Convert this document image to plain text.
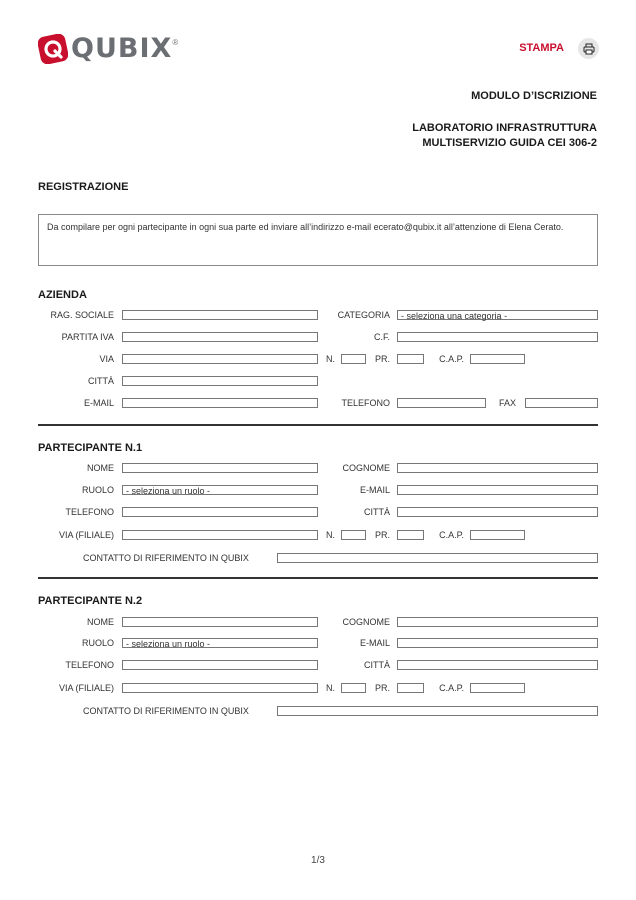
QUBIX ®	STAMPA
MODULO D’ISCRIZIONE
LABORATORIO INFRASTRUTTURA
MULTISERVIZIO GUIDA CEI 306-2
REGISTRAZIONE
Da compilare per ogni partecipante in ogni sua parte ed inviare all’indirizzo e-mail ecerato@qubix.it all’attenzione di Elena Cerato.
AZIENDA
RAG. SOCIALE	CATEGORIA	- seleziona una categoria -
PARTITA IVA	C.F.
VIA	N.	PR.	C.A.P.
CITTÀ
E-MAIL	TELEFONO	FAX
PARTECIPANTE N.1
NOME	COGNOME
RUOLO	- seleziona un ruolo -	E-MAIL
TELEFONO	CITTÀ
VIA (FILIALE)	N.	PR.	C.A.P.
CONTATTO DI RIFERIMENTO IN QUBIX
PARTECIPANTE N.2
NOME	COGNOME
RUOLO	- seleziona un ruolo -	E-MAIL
TELEFONO	CITTÀ
VIA (FILIALE)	N.	PR.	C.A.P.
CONTATTO DI RIFERIMENTO IN QUBIX
1/3
